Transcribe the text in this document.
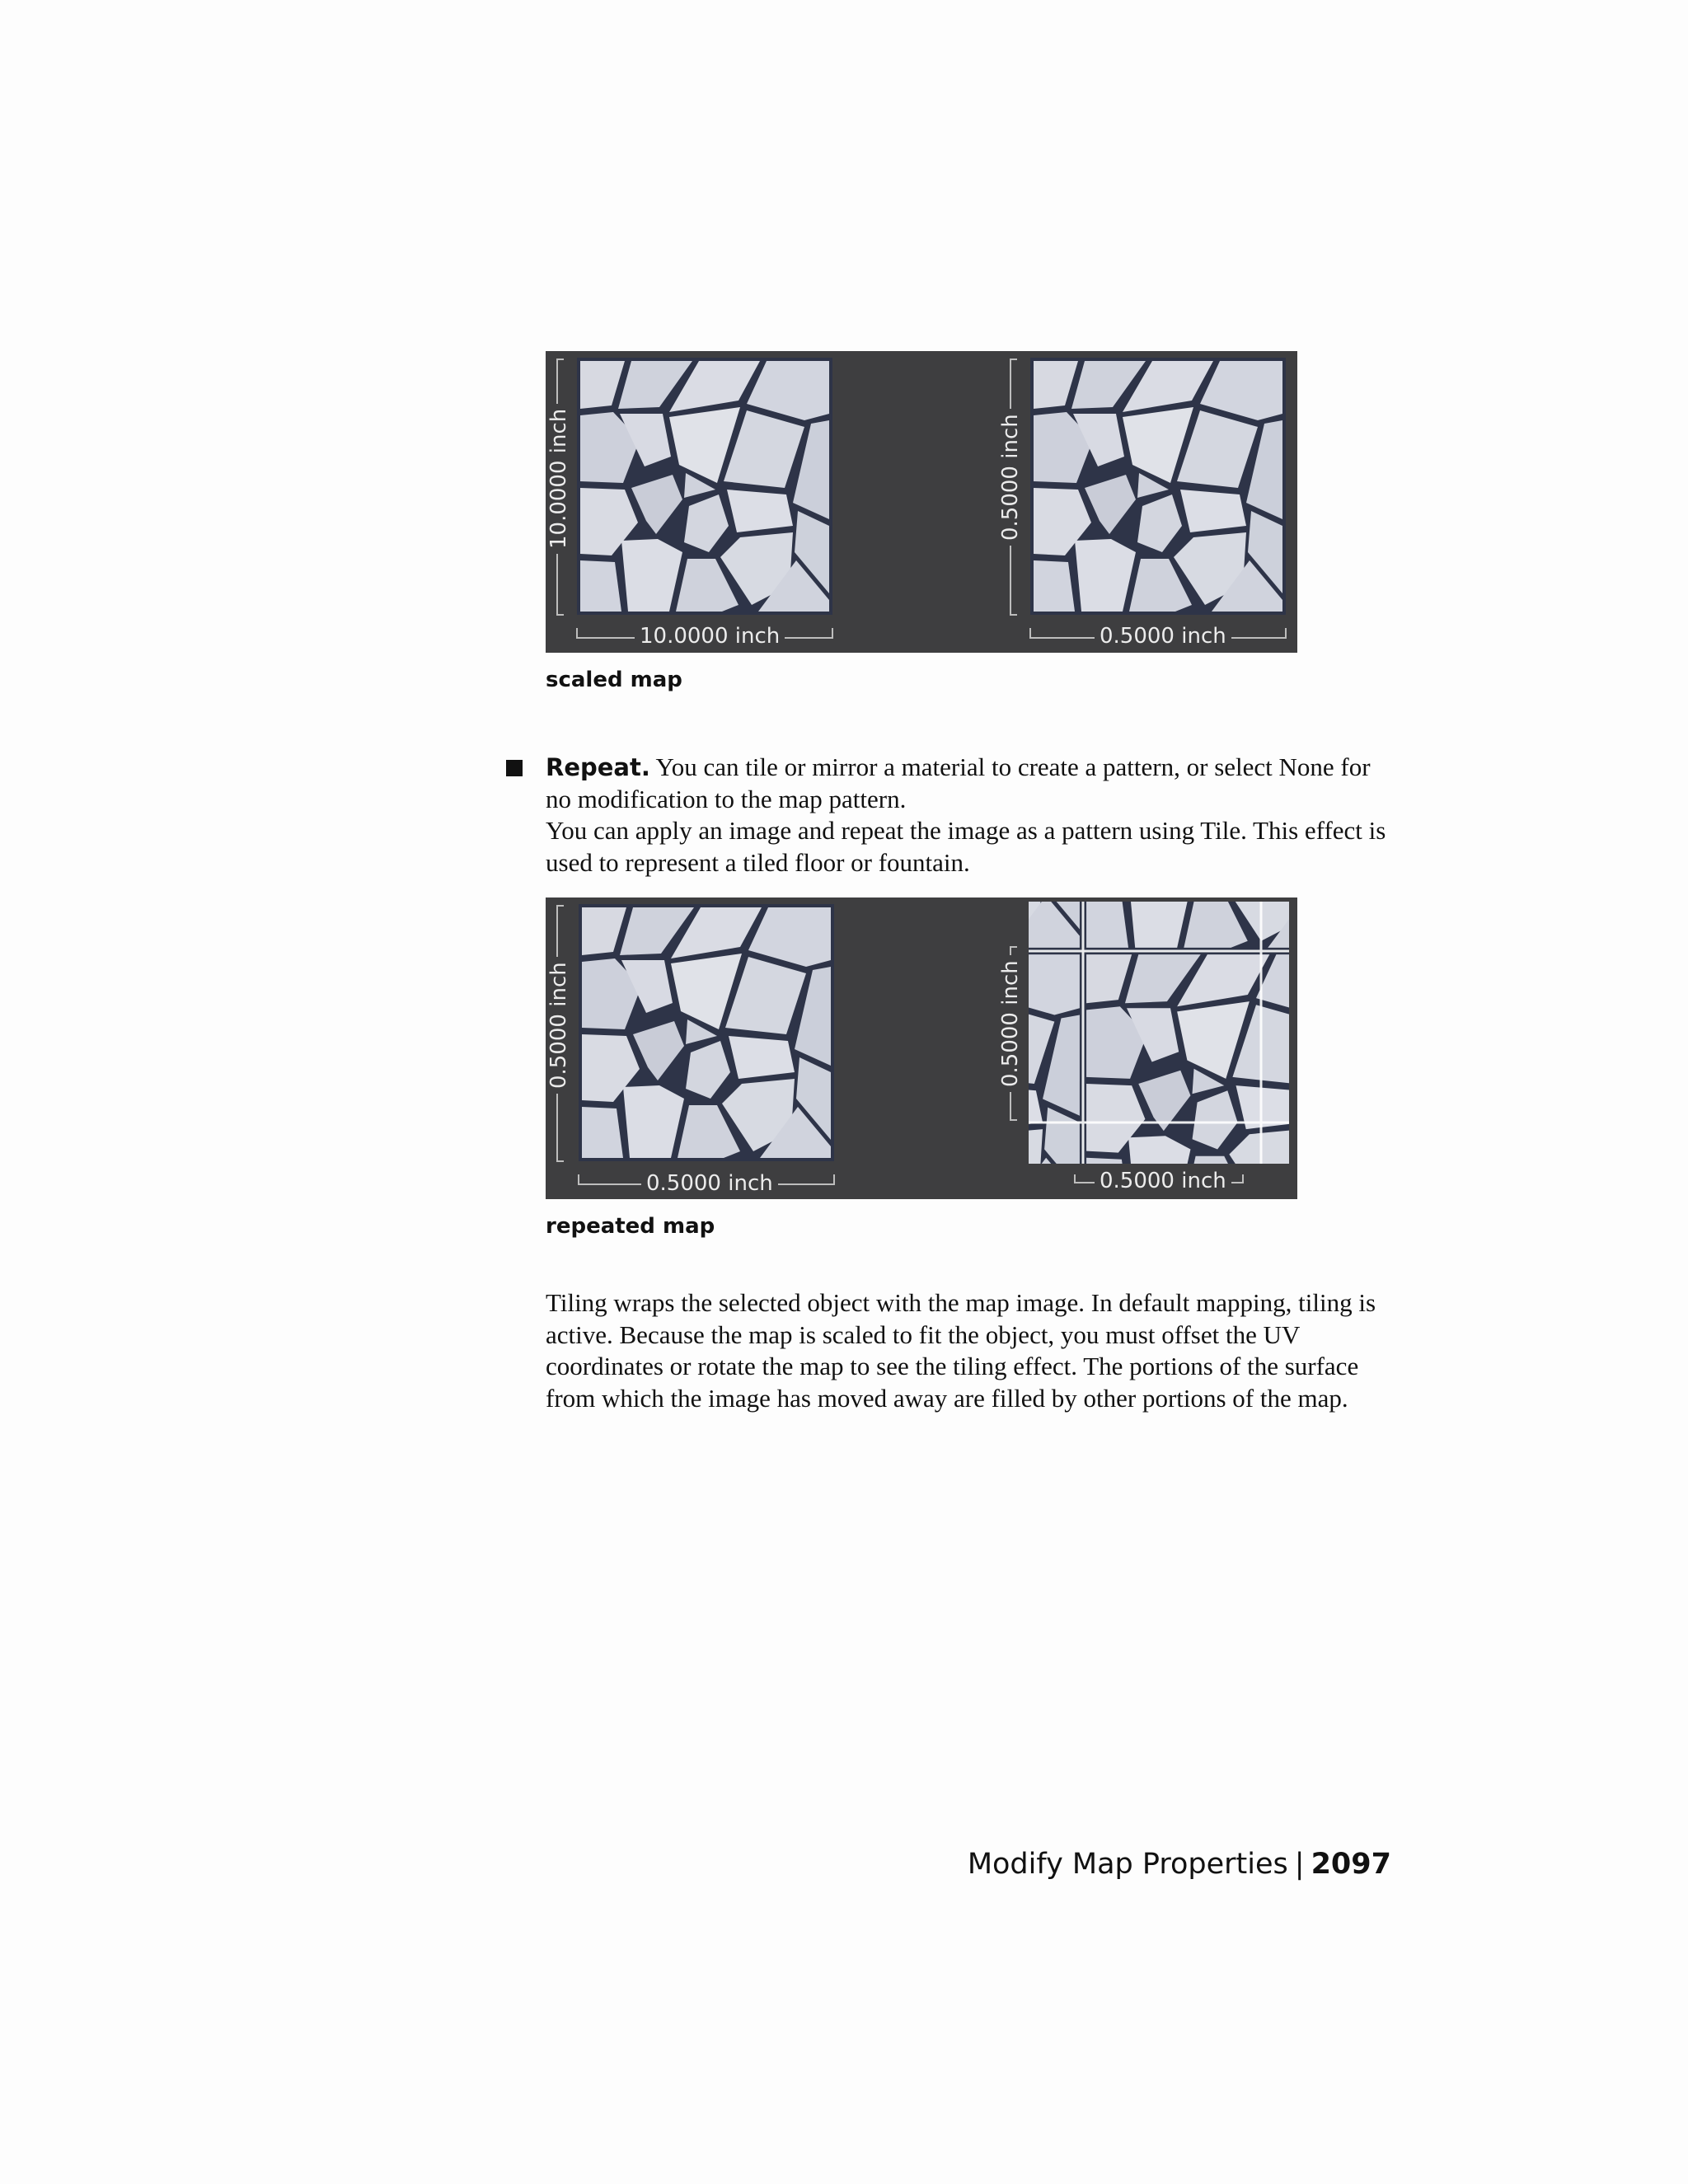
10.0000 inch
10.0000 inch
0.5000 inch
0.5000 inch
scaled map

Repeat. You can tile or mirror a material to create a pattern, or select None for no modification to the map pattern.

You can apply an image and repeat the image as a pattern using Tile. This effect is used to represent a tiled floor or fountain.

0.5000 inch
0.5000 inch
0.5000 inch
0.5000 inch
repeated map

Tiling wraps the selected object with the map image. In default mapping, tiling is active. Because the map is scaled to fit the object, you must offset the UV coordinates or rotate the map to see the tiling effect. The portions of the surface from which the image has moved away are filled by other portions of the map.

Modify Map Properties | 2097
